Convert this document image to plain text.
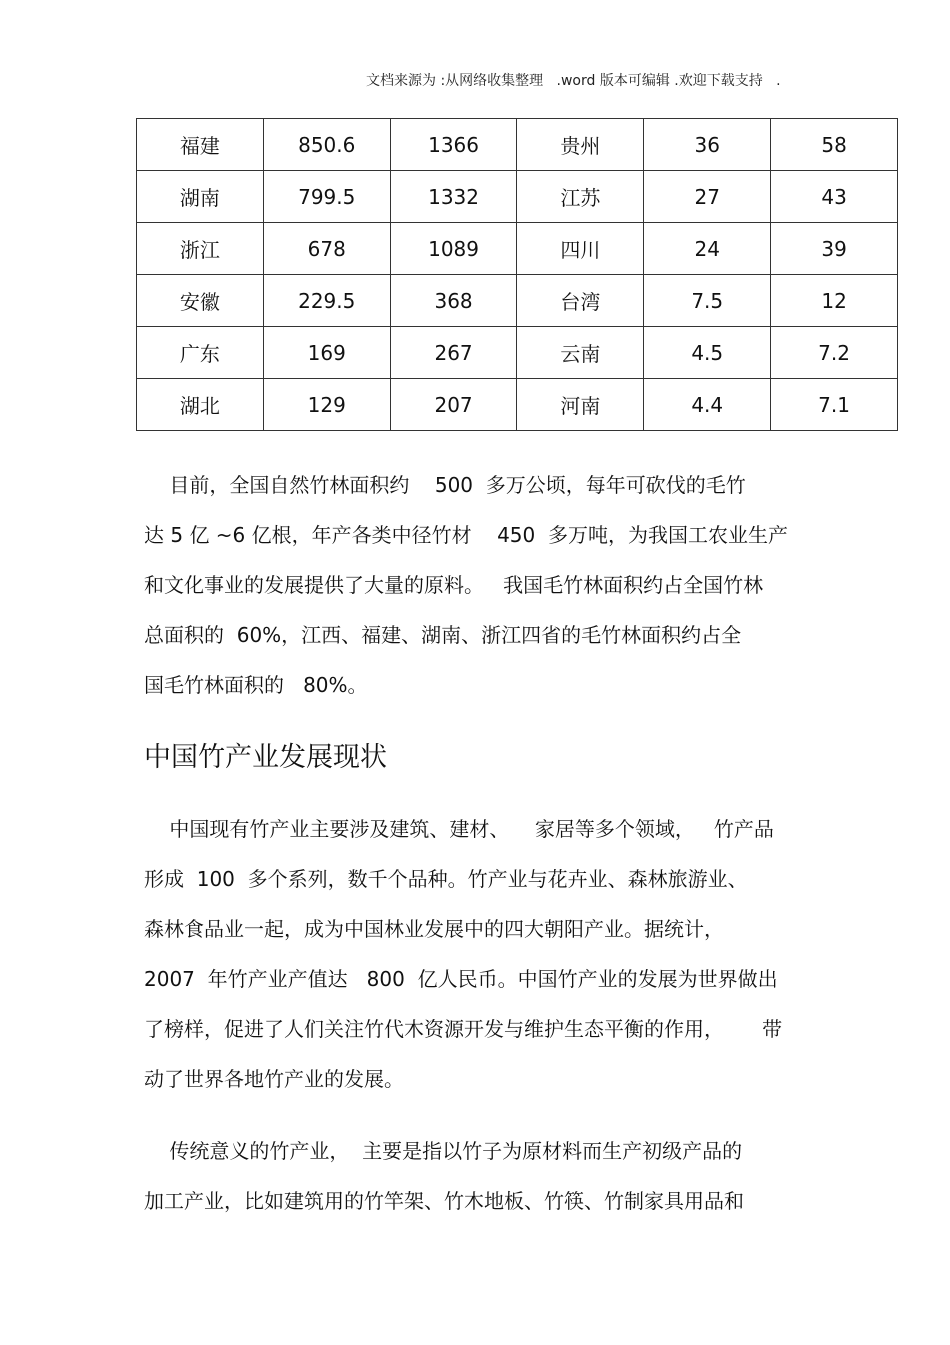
文档来源为 :从网络收集整理   .word 版本可编辑 .欢迎下载支持   .
福建	850.6	1366	贵州	36	58
湖南	799.5	1332	江苏	27	43
浙江	678	1089	四川	24	39
安徽	229.5	368	台湾	7.5	12
广东	169	267	云南	4.5	7.2
湖北	129	207	河南	4.4	7.1
目前，全国自然竹林面积约    500  多万公顷，每年可砍伐的毛竹
达 5 亿 ~6 亿根，年产各类中径竹材    450  多万吨，为我国工农业生产
和文化事业的发展提供了大量的原料。   我国毛竹林面积约占全国竹林
总面积的  60%，江西、福建、湖南、浙江四省的毛竹林面积约占全
国毛竹林面积的   80%。
中国竹产业发展现状
中国现有竹产业主要涉及建筑、建材、    家居等多个领域，   竹产品
形成  100  多个系列，数千个品种。竹产业与花卉业、森林旅游业、
森林食品业一起，成为中国林业发展中的四大朝阳产业。据统计，
2007  年竹产业产值达   800  亿人民币。中国竹产业的发展为世界做出
了榜样，促进了人们关注竹代木资源开发与维护生态平衡的作用，      带
动了世界各地竹产业的发展。
传统意义的竹产业，  主要是指以竹子为原材料而生产初级产品的
加工产业，比如建筑用的竹竿架、竹木地板、竹筷、竹制家具用品和
